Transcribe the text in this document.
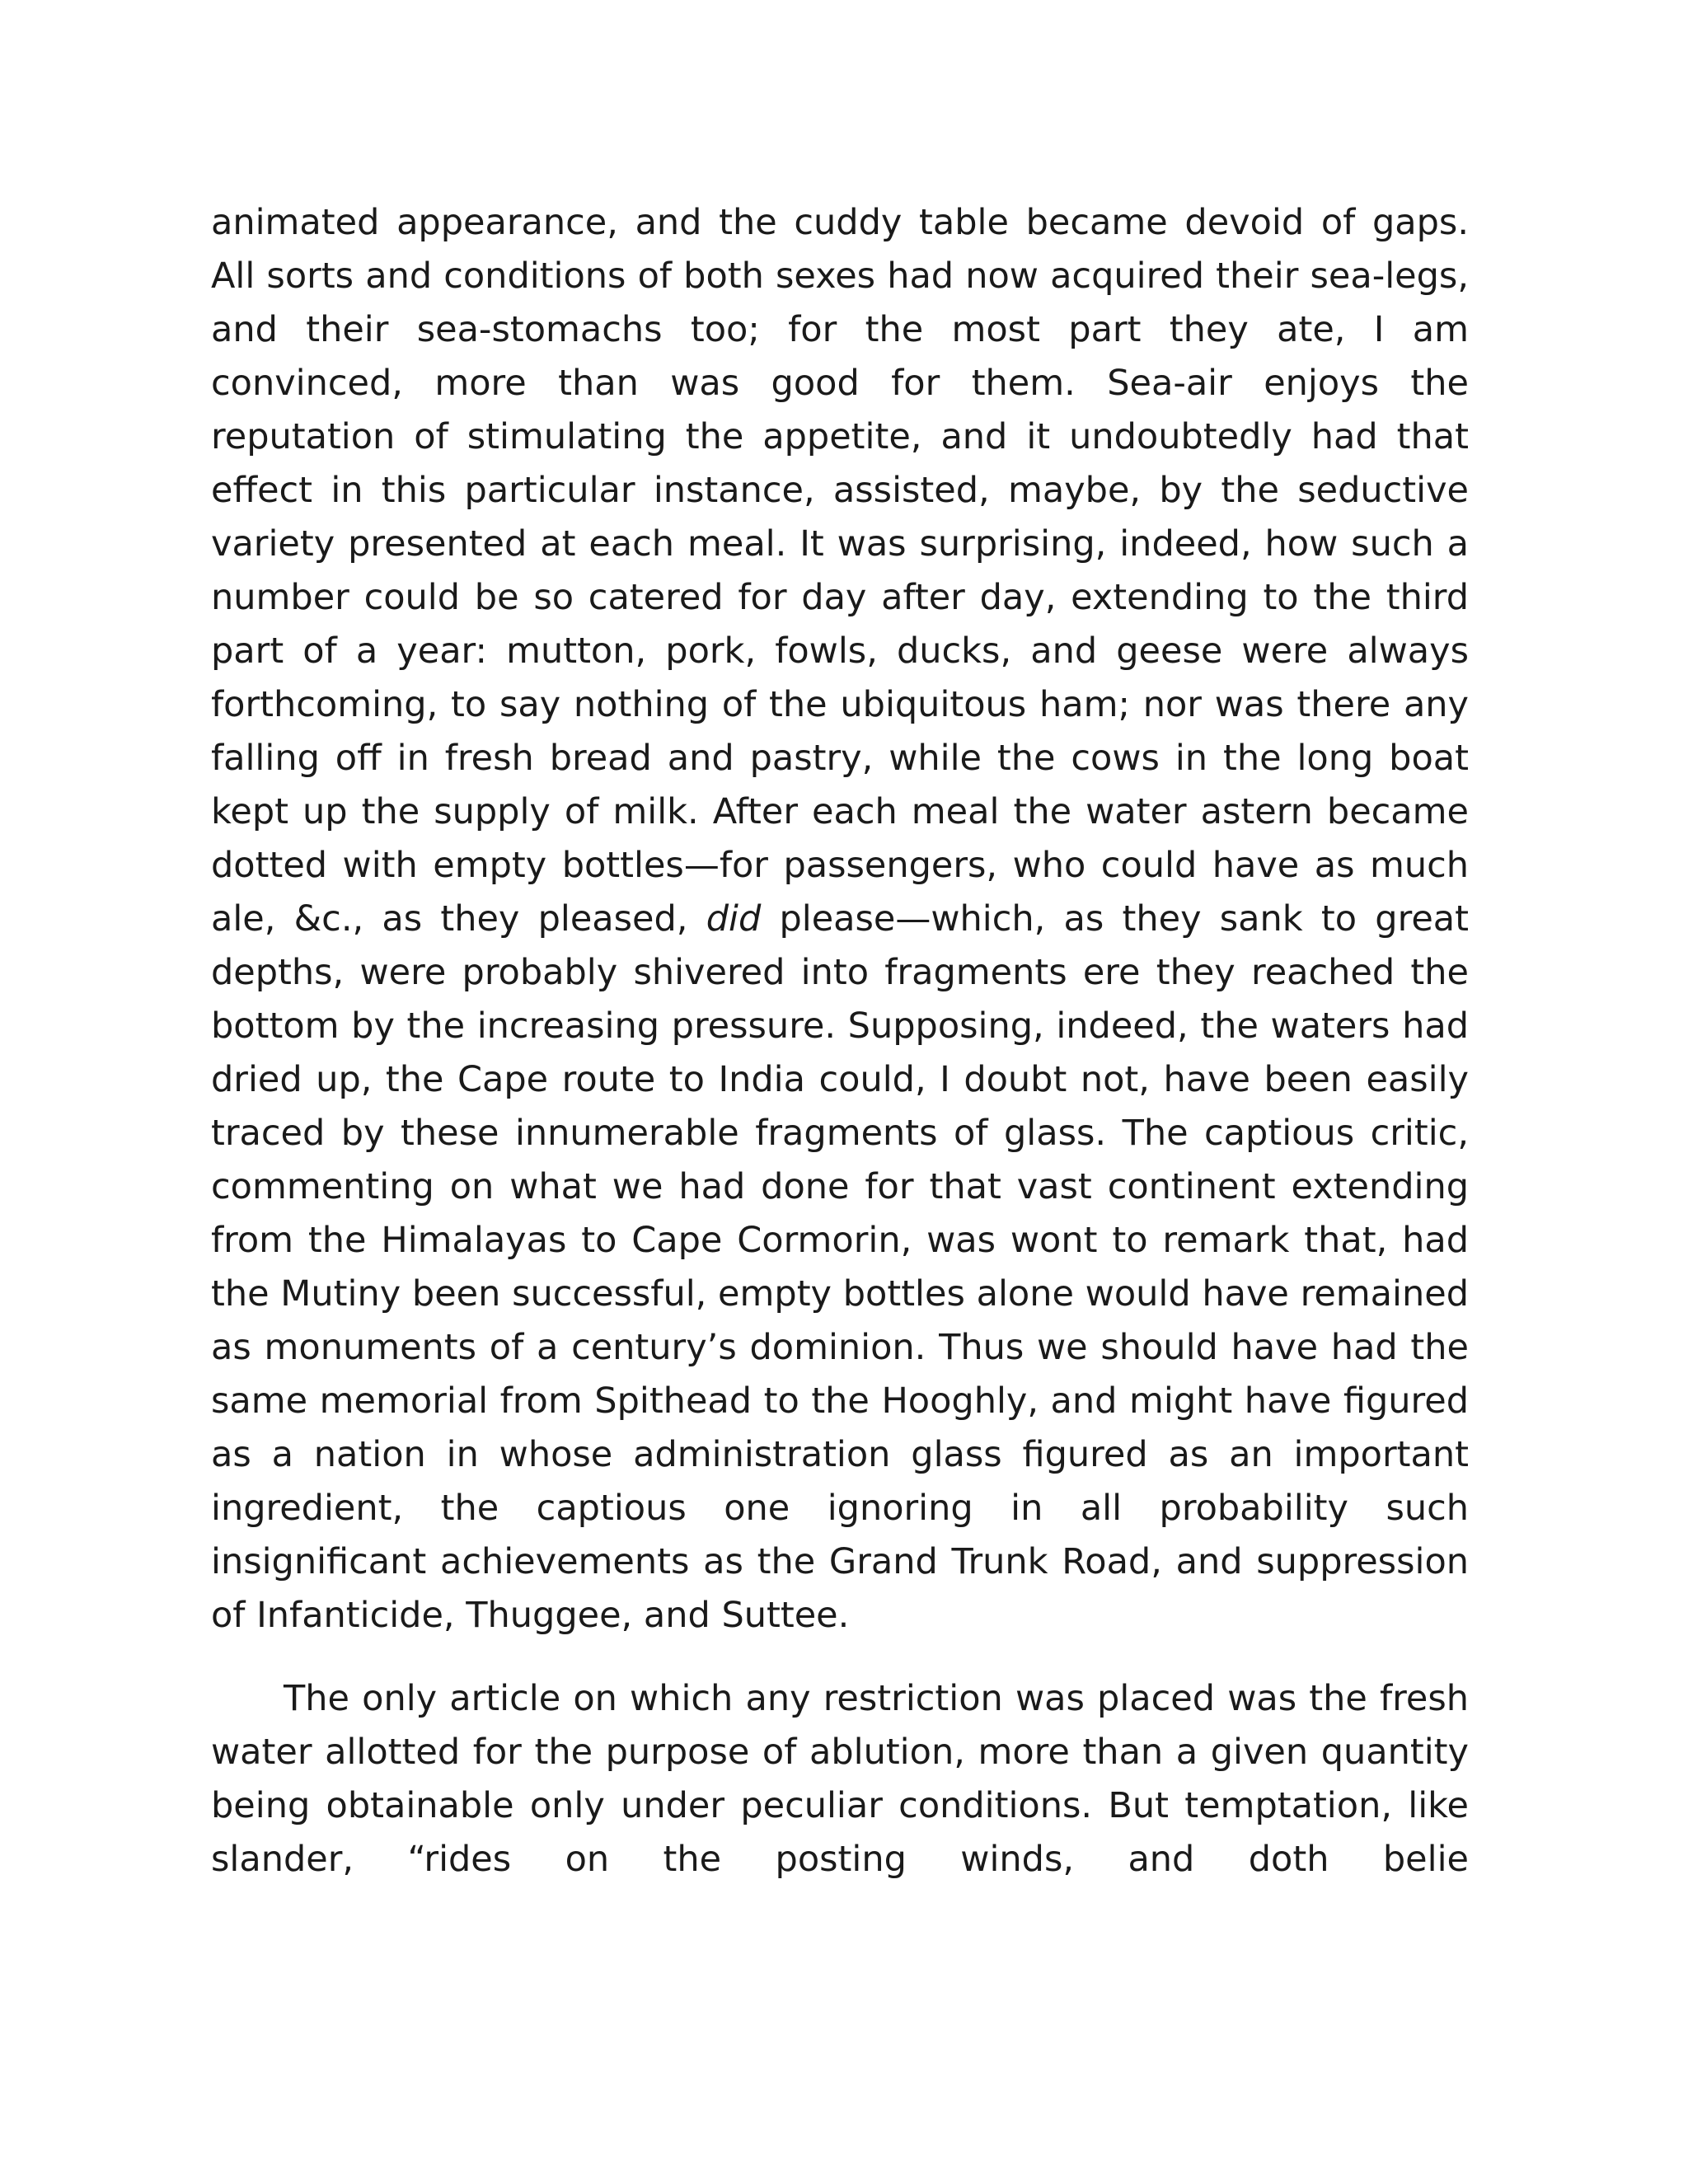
animated appearance, and the cuddy table became devoid of gaps. All sorts and conditions of both sexes had now acquired their sea-legs, and their sea-stomachs too; for the most part they ate, I am convinced, more than was good for them. Sea-air enjoys the reputation of stimulating the appetite, and it undoubtedly had that effect in this particular instance, assisted, maybe, by the seductive variety presented at each meal. It was surprising, indeed, how such a number could be so catered for day after day, extending to the third part of a year: mutton, pork, fowls, ducks, and geese were always forthcoming, to say nothing of the ubiquitous ham; nor was there any falling off in fresh bread and pastry, while the cows in the long boat kept up the supply of milk. After each meal the water astern became dotted with empty bottles—for passengers, who could have as much ale, &c., as they pleased, did please—which, as they sank to great depths, were probably shivered into fragments ere they reached the bottom by the increasing pressure. Supposing, indeed, the waters had dried up, the Cape route to India could, I doubt not, have been easily traced by these innumerable fragments of glass. The captious critic, commenting on what we had done for that vast continent extending from the Himalayas to Cape Cormorin, was wont to remark that, had the Mutiny been successful, empty bottles alone would have remained as monuments of a century’s dominion. Thus we should have had the same memorial from Spithead to the Hooghly, and might have figured as a nation in whose administration glass figured as an important ingredient, the captious one ignoring in all probability such insignificant achievements as the Grand Trunk Road, and suppression of Infanticide, Thuggee, and Suttee.

The only article on which any restriction was placed was the fresh water allotted for the purpose of ablution, more than a given quantity being obtainable only under peculiar conditions. But temptation, like slander, “rides on the posting winds, and doth belie
